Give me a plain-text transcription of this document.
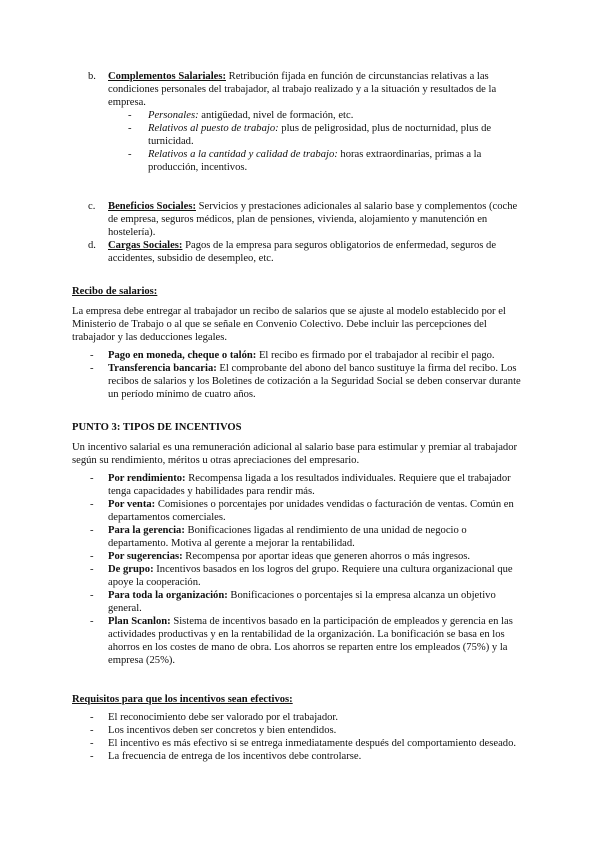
b.	Complementos Salariales: Retribución fijada en función de circunstancias relativas a las condiciones personales del trabajador, al trabajo realizado y a la situación y resultados de la empresa.

-	Personales: antigüedad, nivel de formación, etc.
-	Relativos al puesto de trabajo: plus de peligrosidad, plus de nocturnidad, plus de turnicidad.
-	Relativos a la cantidad y calidad de trabajo: horas extraordinarias, primas a la producción, incentivos.
c.	Beneficios Sociales: Servicios y prestaciones adicionales al salario base y complementos (coche de empresa, seguros médicos, plan de pensiones, vivienda, alojamiento y manutención en hostelería).

d.	Cargas Sociales: Pagos de la empresa para seguros obligatorios de enfermedad, seguros de accidentes, subsidio de desempleo, etc.

Recibo de salarios:

La empresa debe entregar al trabajador un recibo de salarios que se ajuste al modelo establecido por el Ministerio de Trabajo o al que se señale en Convenio Colectivo. Debe incluir las percepciones del trabajador y las deducciones legales.

-	Pago en moneda, cheque o talón: El recibo es firmado por el trabajador al recibir el pago.
-	Transferencia bancaria: El comprobante del abono del banco sustituye la firma del recibo. Los recibos de salarios y los Boletines de cotización a la Seguridad Social se deben conservar durante un período mínimo de cuatro años.

PUNTO 3: TIPOS DE INCENTIVOS

Un incentivo salarial es una remuneración adicional al salario base para estimular y premiar al trabajador según su rendimiento, méritos u otras apreciaciones del empresario.

-	Por rendimiento: Recompensa ligada a los resultados individuales. Requiere que el trabajador tenga capacidades y habilidades para rendir más.
-	Por venta: Comisiones o porcentajes por unidades vendidas o facturación de ventas. Común en departamentos comerciales.
-	Para la gerencia: Bonificaciones ligadas al rendimiento de una unidad de negocio o departamento. Motiva al gerente a mejorar la rentabilidad.
-	Por sugerencias: Recompensa por aportar ideas que generen ahorros o más ingresos.
-	De grupo: Incentivos basados en los logros del grupo. Requiere una cultura organizacional que apoye la cooperación.
-	Para toda la organización: Bonificaciones o porcentajes si la empresa alcanza un objetivo general.
-	Plan Scanlon: Sistema de incentivos basado en la participación de empleados y gerencia en las actividades productivas y en la rentabilidad de la organización. La bonificación se basa en los ahorros en los costes de mano de obra. Los ahorros se reparten entre los empleados (75%) y la empresa (25%).

Requisitos para que los incentivos sean efectivos:

-	El reconocimiento debe ser valorado por el trabajador.
-	Los incentivos deben ser concretos y bien entendidos.
-	El incentivo es más efectivo si se entrega inmediatamente después del comportamiento deseado.
-	La frecuencia de entrega de los incentivos debe controlarse.
